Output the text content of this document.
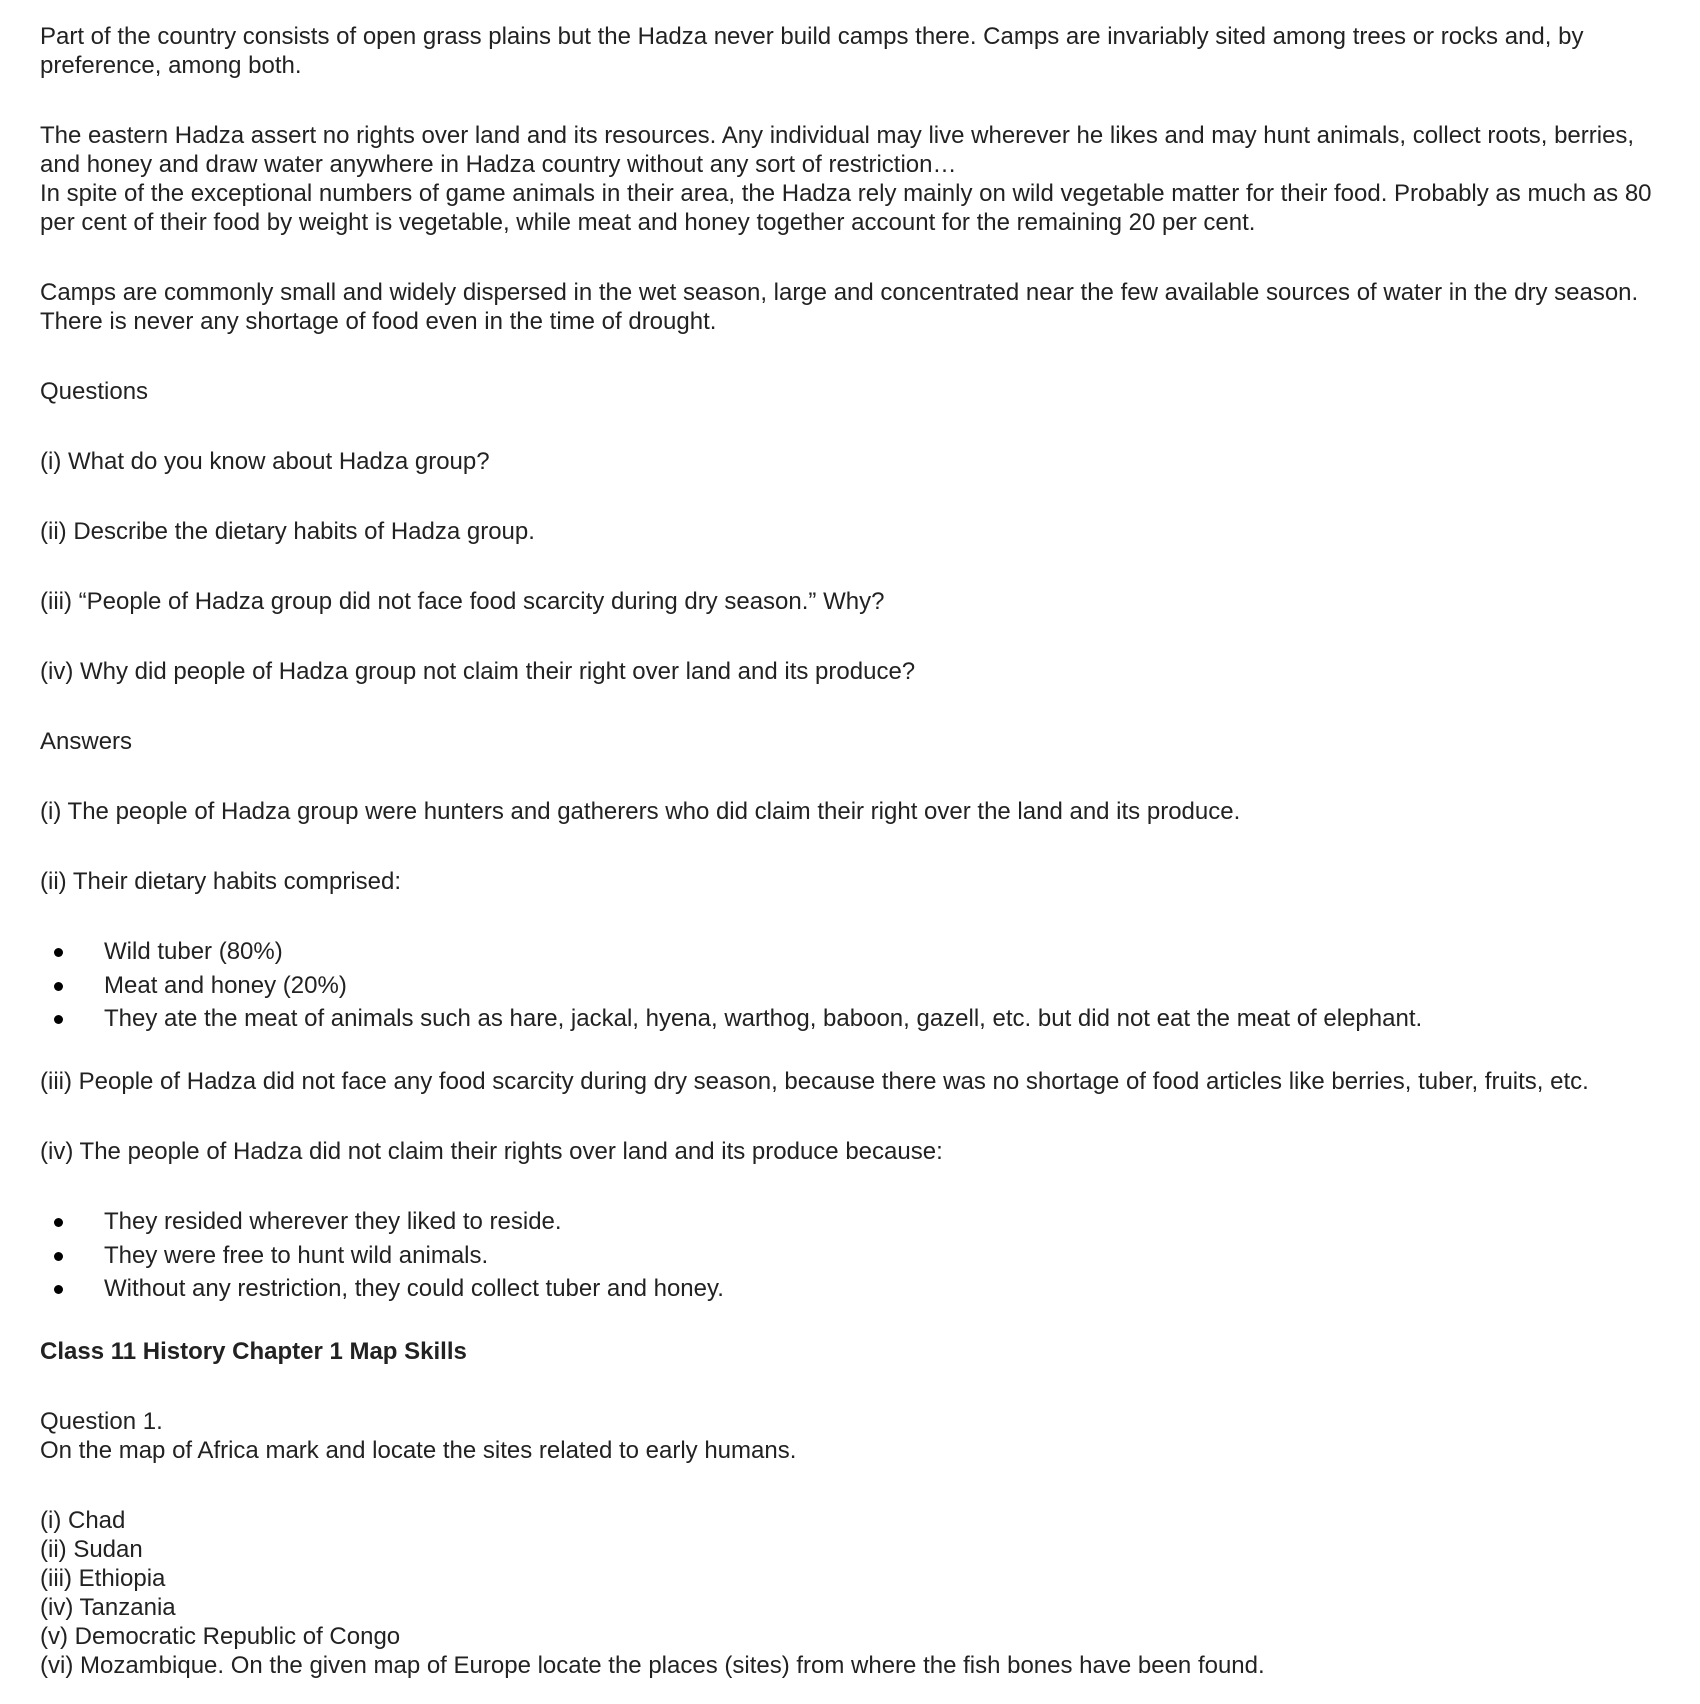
Part of the country consists of open grass plains but the Hadza never build camps there. Camps are invariably sited among trees or rocks and, by preference, among both.

The eastern Hadza assert no rights over land and its resources. Any individual may live wherever he likes and may hunt animals, collect roots, berries, and honey and draw water anywhere in Hadza country without any sort of restriction…
In spite of the exceptional numbers of game animals in their area, the Hadza rely mainly on wild vegetable matter for their food. Probably as much as 80 per cent of their food by weight is vegetable, while meat and honey together account for the remaining 20 per cent.

Camps are commonly small and widely dispersed in the wet season, large and concentrated near the few available sources of water in the dry season. There is never any shortage of food even in the time of drought.

Questions

(i) What do you know about Hadza group?

(ii) Describe the dietary habits of Hadza group.

(iii) “People of Hadza group did not face food scarcity during dry season.” Why?

(iv) Why did people of Hadza group not claim their right over land and its produce?

Answers

(i) The people of Hadza group were hunters and gatherers who did claim their right over the land and its produce.

(ii) Their dietary habits comprised:

Wild tuber (80%)
Meat and honey (20%)
They ate the meat of animals such as hare, jackal, hyena, warthog, baboon, gazell, etc. but did not eat the meat of elephant.

(iii) People of Hadza did not face any food scarcity during dry season, because there was no shortage of food articles like berries, tuber, fruits, etc.

(iv) The people of Hadza did not claim their rights over land and its produce because:

They resided wherever they liked to reside.
They were free to hunt wild animals.
Without any restriction, they could collect tuber and honey.

Class 11 History Chapter 1 Map Skills

Question 1.
On the map of Africa mark and locate the sites related to early humans.

(i) Chad
(ii) Sudan
(iii) Ethiopia
(iv) Tanzania
(v) Democratic Republic of Congo
(vi) Mozambique. On the given map of Europe locate the places (sites) from where the fish bones have been found.
